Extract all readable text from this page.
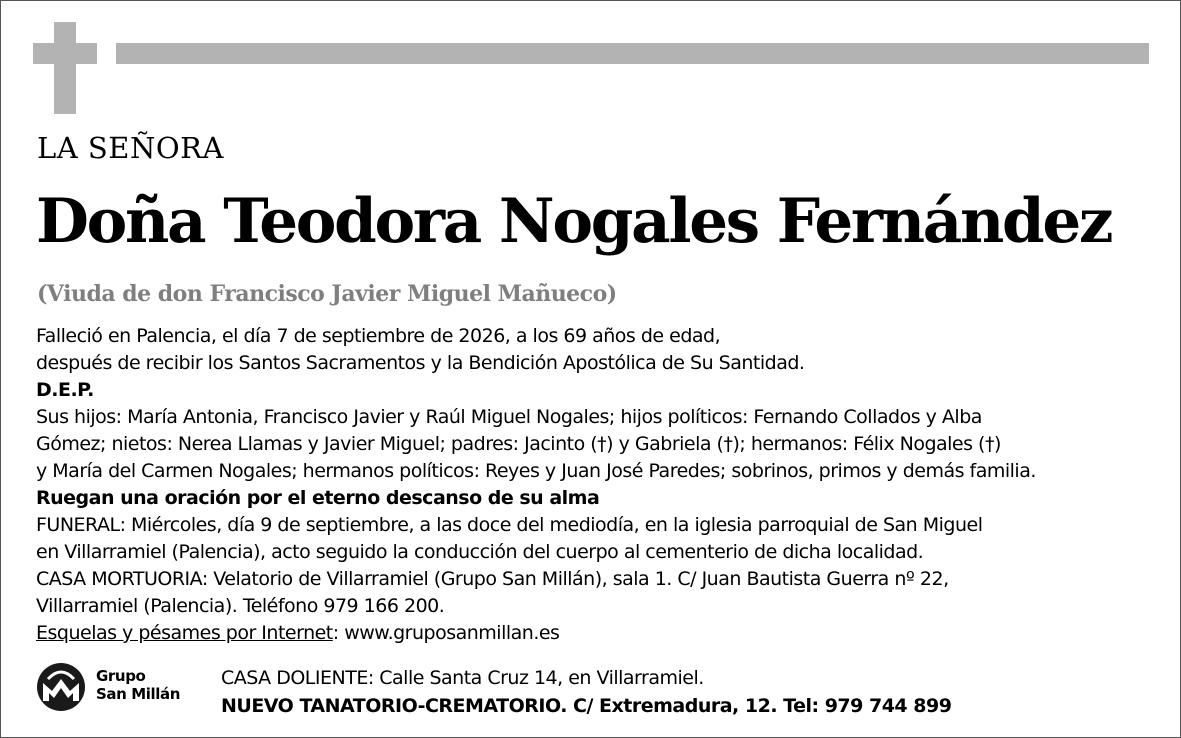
LA SEÑORA
Doña Teodora Nogales Fernández
(Viuda de don Francisco Javier Miguel Mañueco)

Falleció en Palencia, el día 7 de septiembre de 2026, a los 69 años de edad,

después de recibir los Santos Sacramentos y la Bendición Apostólica de Su Santidad.

D.E.P.

Sus hijos: María Antonia, Francisco Javier y Raúl Miguel Nogales; hijos políticos: Fernando Collados y Alba

Gómez; nietos: Nerea Llamas y Javier Miguel; padres: Jacinto (†) y Gabriela (†); hermanos: Félix Nogales (†)

y María del Carmen Nogales; hermanos políticos: Reyes y Juan José Paredes; sobrinos, primos y demás familia.

Ruegan una oración por el eterno descanso de su alma

FUNERAL: Miércoles, día 9 de septiembre, a las doce del mediodía, en la iglesia parroquial de San Miguel

en Villarramiel (Palencia), acto seguido la conducción del cuerpo al cementerio de dicha localidad.

CASA MORTUORIA: Velatorio de Villarramiel (Grupo San Millán), sala 1. C/ Juan Bautista Guerra nº 22,

Villarramiel (Palencia). Teléfono 979 166 200.

Esquelas y pésames por Internet: www.gruposanmillan.es

Grupo
San Millán
CASA DOLIENTE: Calle Santa Cruz 14, en Villarramiel.
NUEVO TANATORIO-CREMATORIO. C/ Extremadura, 12. Tel: 979 744 899
